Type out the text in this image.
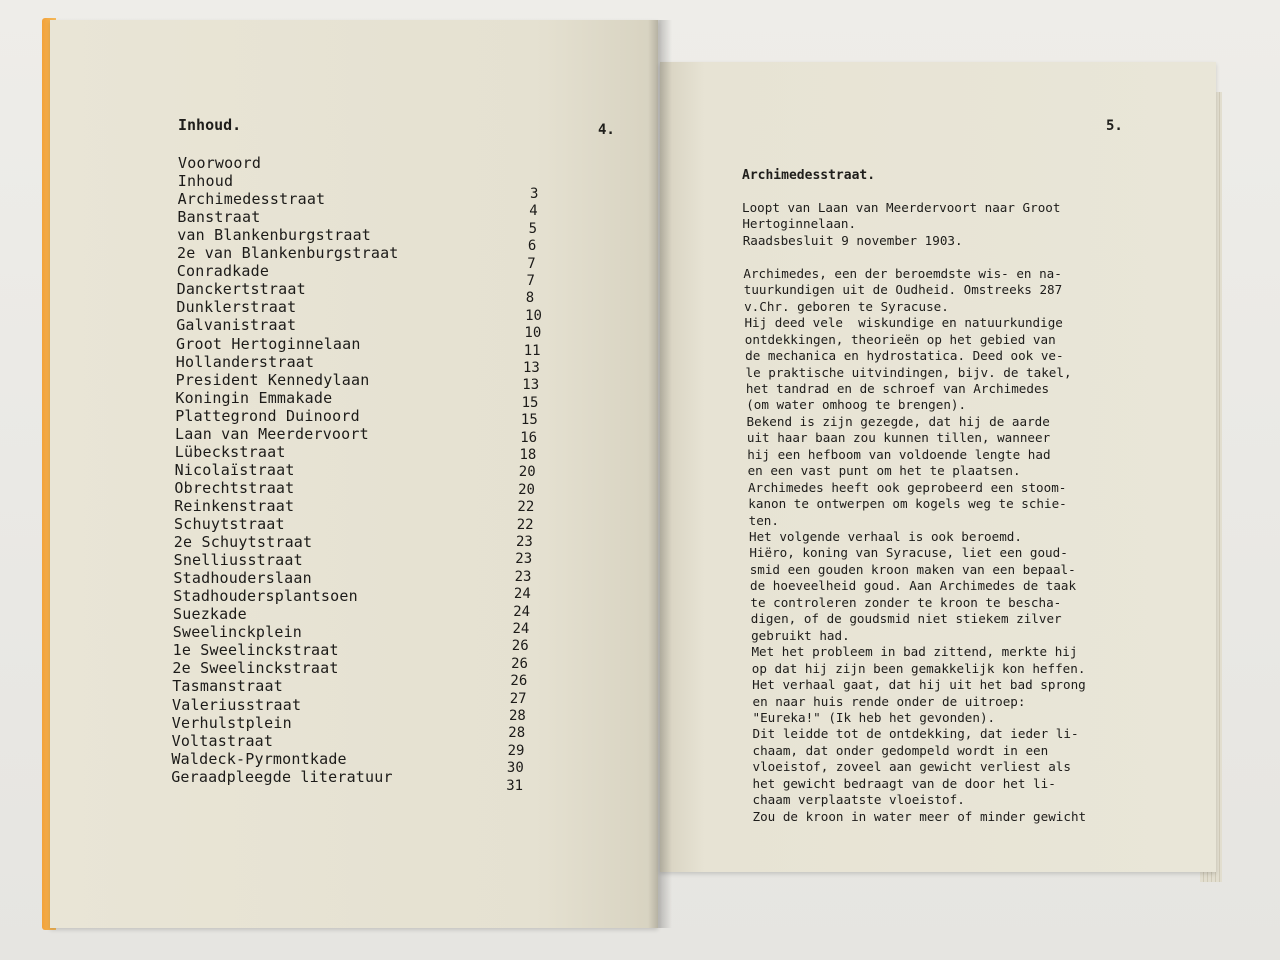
Inhoud.	4.
Voorwoord
Inhoud
Archimedesstraat
Banstraat
van Blankenburgstraat
2e van Blankenburgstraat
Conradkade
Danckertstraat
Dunklerstraat
Galvanistraat
Groot Hertoginnelaan
Hollanderstraat
President Kennedylaan
Koningin Emmakade
Plattegrond Duinoord
Laan van Meerdervoort
Lübeckstraat
Nicolaïstraat
Obrechtstraat
Reinkenstraat
Schuytstraat
2e Schuytstraat
Snelliusstraat
Stadhouderslaan
Stadhoudersplantsoen
Suezkade
Sweelinckplein
1e Sweelinckstraat
2e Sweelinckstraat
Tasmanstraat
Valeriusstraat
Verhulstplein
Voltastraat
Waldeck-Pyrmontkade
Geraadpleegde literatuur
3
4
5
6
7
7
8
10
10
11
13
13
15
15
16
18
20
20
22
22
23
23
23
24
24
24
26
26
26
27
28
28
29
30
31
5.
Archimedesstraat.
Loopt van Laan van Meerdervoort naar Groot
Hertoginnelaan.
Raadsbesluit 9 november 1903.
Archimedes, een der beroemdste wis- en na-
tuurkundigen uit de Oudheid. Omstreeks 287
v.Chr. geboren te Syracuse.
Hij deed vele  wiskundige en natuurkundige
ontdekkingen, theorieën op het gebied van
de mechanica en hydrostatica. Deed ook ve-
le praktische uitvindingen, bijv. de takel,
het tandrad en de schroef van Archimedes
(om water omhoog te brengen).
Bekend is zijn gezegde, dat hij de aarde
uit haar baan zou kunnen tillen, wanneer
hij een hefboom van voldoende lengte had
en een vast punt om het te plaatsen.
Archimedes heeft ook geprobeerd een stoom-
kanon te ontwerpen om kogels weg te schie-
ten.
Het volgende verhaal is ook beroemd.
Hiëro, koning van Syracuse, liet een goud-
smid een gouden kroon maken van een bepaal-
de hoeveelheid goud. Aan Archimedes de taak
te controleren zonder te kroon te bescha-
digen, of de goudsmid niet stiekem zilver
gebruikt had.
Met het probleem in bad zittend, merkte hij
op dat hij zijn been gemakkelijk kon heffen.
Het verhaal gaat, dat hij uit het bad sprong
en naar huis rende onder de uitroep:
"Eureka!" (Ik heb het gevonden).
Dit leidde tot de ontdekking, dat ieder li-
chaam, dat onder gedompeld wordt in een
vloeistof, zoveel aan gewicht verliest als
het gewicht bedraagt van de door het li-
chaam verplaatste vloeistof.
Zou de kroon in water meer of minder gewicht
